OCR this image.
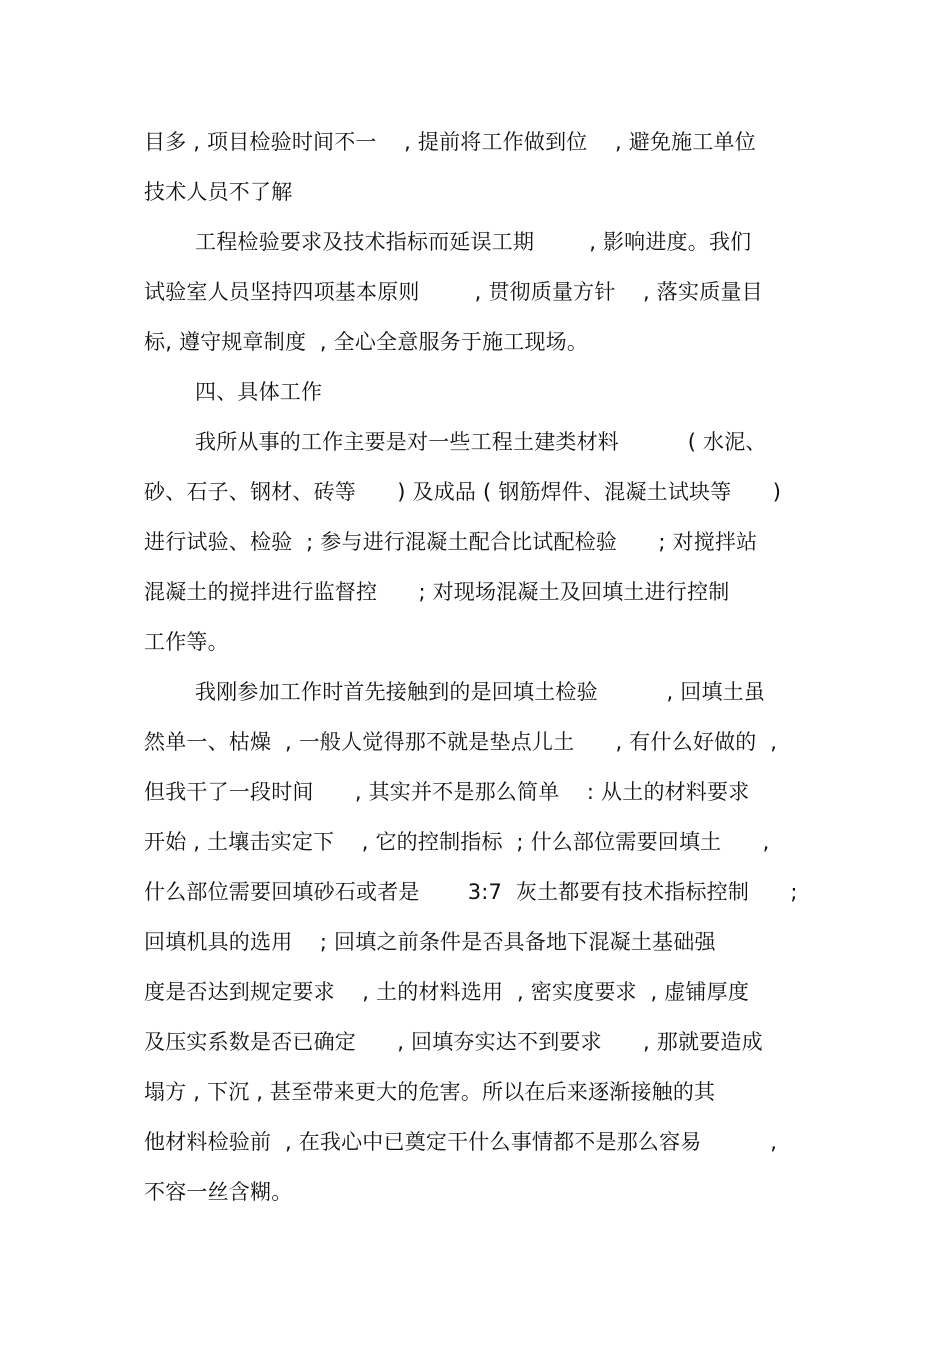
目多 , 项目检验时间不一    , 提前将工作做到位    , 避免施工单位
技术人员不了解
工程检验要求及技术指标而延误工期        , 影响进度。我们
试验室人员坚持四项基本原则        , 贯彻质量方针    , 落实质量目
标, 遵守规章制度  , 全心全意服务于施工现场。
四、具体工作
我所从事的工作主要是对一些工程土建类材料          ( 水泥、
砂、石子、钢材、砖等      ) 及成品 ( 钢筋焊件、混凝土试块等      )
进行试验、检验  ; 参与进行混凝土配合比试配检验      ; 对搅拌站
混凝土的搅拌进行监督控      ; 对现场混凝土及回填土进行控制
工作等。
我刚参加工作时首先接触到的是回填土检验          , 回填土虽
然单一、枯燥  , 一般人觉得那不就是垫点儿土      , 有什么好做的  ,
但我干了一段时间      , 其实并不是那么简单    : 从土的材料要求
开始 , 土壤击实定下    , 它的控制指标  ; 什么部位需要回填土      ,
什么部位需要回填砂石或者是       3:7  灰土都要有技术指标控制      ;
回填机具的选用    ; 回填之前条件是否具备地下混凝土基础强
度是否达到规定要求    , 土的材料选用  , 密实度要求  , 虚铺厚度
及压实系数是否已确定      , 回填夯实达不到要求      , 那就要造成
塌方 , 下沉 , 甚至带来更大的危害。所以在后来逐渐接触的其
他材料检验前  , 在我心中已奠定干什么事情都不是那么容易          ,
不容一丝含糊。
